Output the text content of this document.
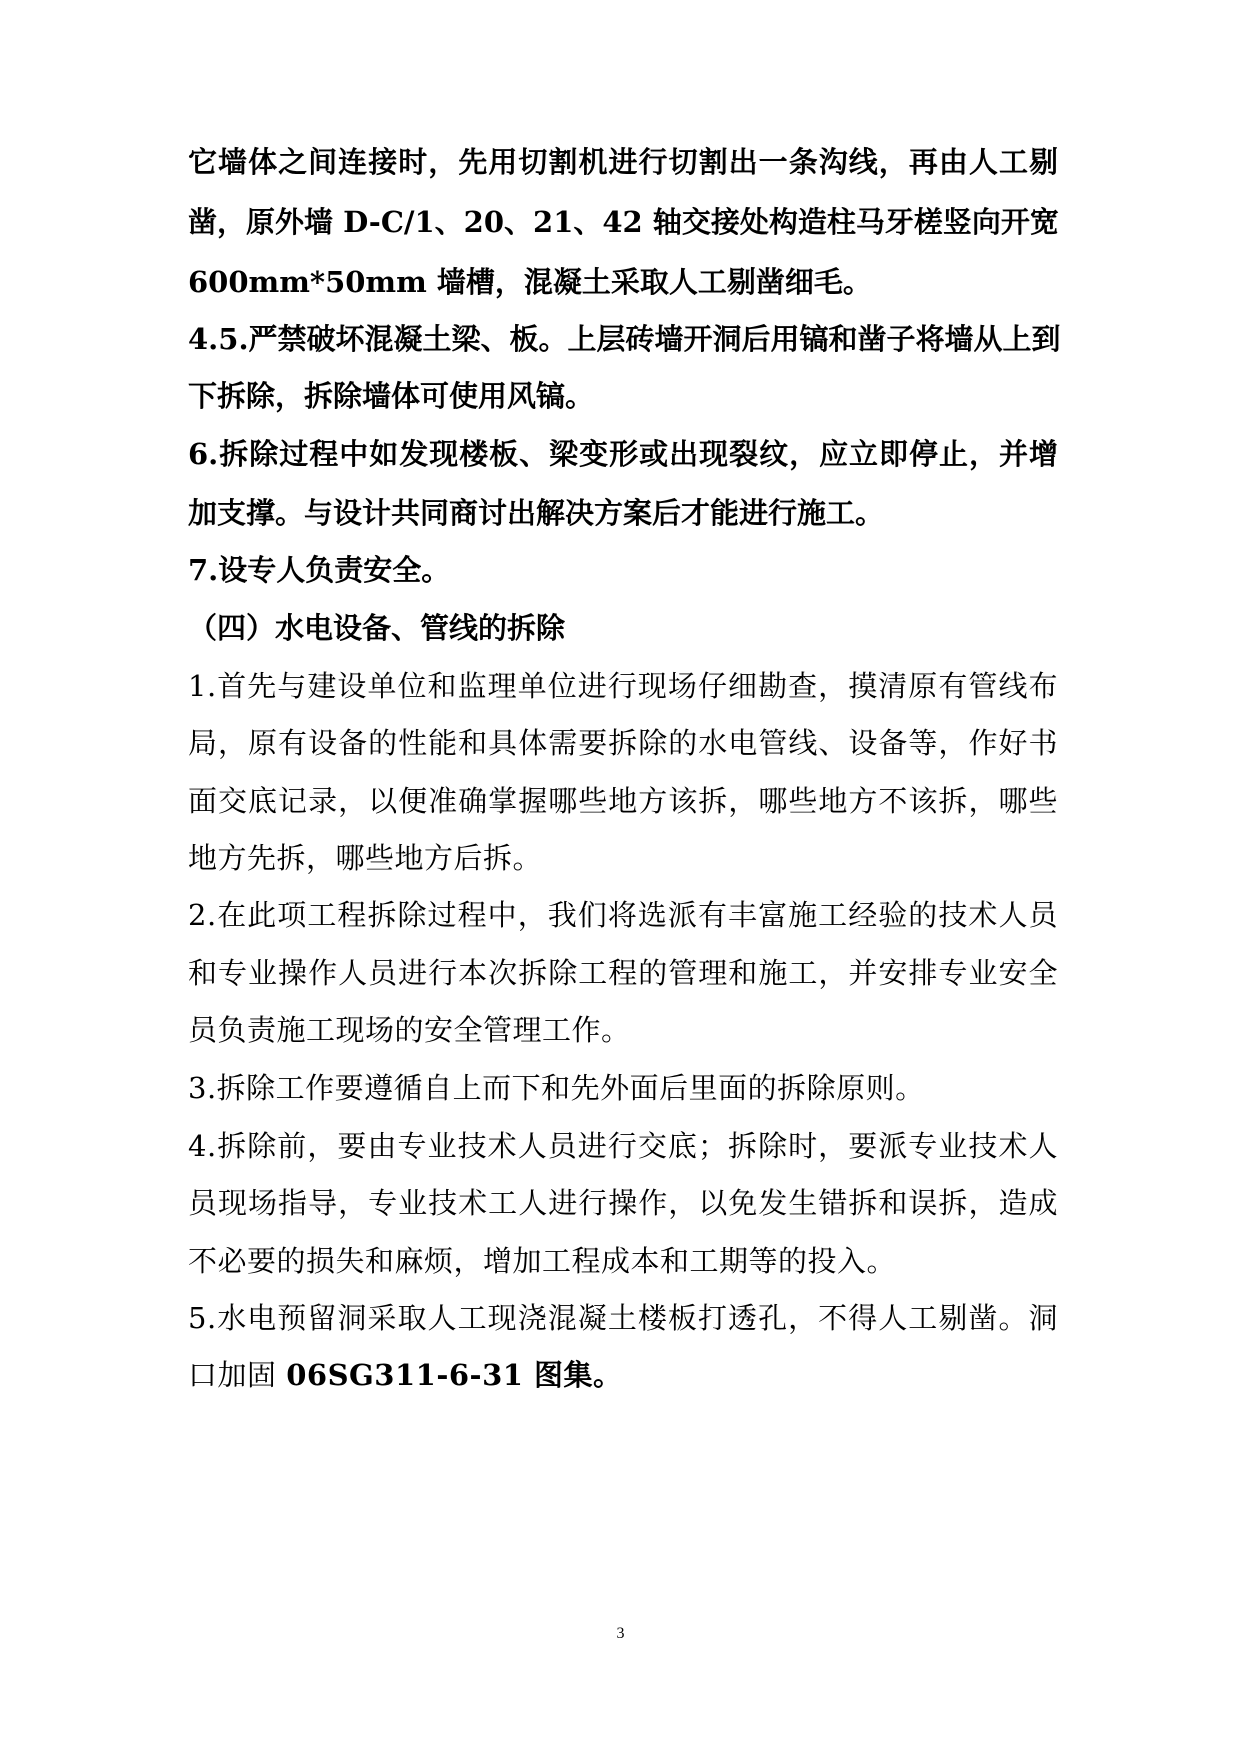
它墙体之间连接时，先用切割机进行切割出一条沟线，再由人工剔
凿，原外墙 D-C/1、20、21、42 轴交接处构造柱马牙槎竖向开宽
600mm*50mm 墙槽，混凝土采取人工剔凿细毛。
4.5.严禁破坏混凝土梁、板。上层砖墙开洞后用镐和凿子将墙从上到
下拆除，拆除墙体可使用风镐。
6.拆除过程中如发现楼板、梁变形或出现裂纹，应立即停止，并增
加支撑。与设计共同商讨出解决方案后才能进行施工。
7.设专人负责安全。
（四）水电设备、管线的拆除
1.首先与建设单位和监理单位进行现场仔细勘查，摸清原有管线布
局，原有设备的性能和具体需要拆除的水电管线、设备等，作好书
面交底记录，以便准确掌握哪些地方该拆，哪些地方不该拆，哪些
地方先拆，哪些地方后拆。
2.在此项工程拆除过程中，我们将选派有丰富施工经验的技术人员
和专业操作人员进行本次拆除工程的管理和施工，并安排专业安全
员负责施工现场的安全管理工作。
3.拆除工作要遵循自上而下和先外面后里面的拆除原则。
4.拆除前，要由专业技术人员进行交底；拆除时，要派专业技术人
员现场指导，专业技术工人进行操作，以免发生错拆和误拆，造成
不必要的损失和麻烦，增加工程成本和工期等的投入。
5.水电预留洞采取人工现浇混凝土楼板打透孔，不得人工剔凿。洞
口加固 06SG311-6-31 图集。
3
